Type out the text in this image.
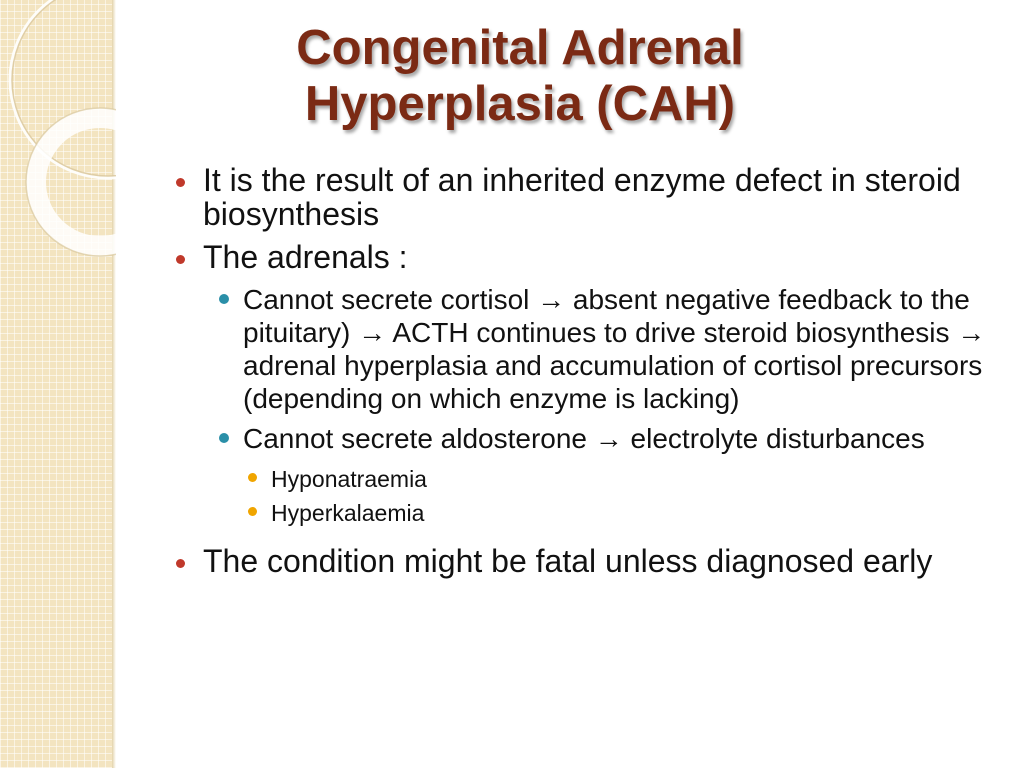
Congenital Adrenal
Hyperplasia (CAH)
It is the result of an inherited enzyme defect in steroid biosynthesis
The adrenals :
Cannot secrete cortisol → absent negative feedback to the pituitary) → ACTH continues to drive steroid biosynthesis → adrenal hyperplasia and accumulation of cortisol precursors (depending on which enzyme is lacking)
Cannot secrete aldosterone → electrolyte disturbances
Hyponatraemia
Hyperkalaemia
The condition might be fatal unless diagnosed early
